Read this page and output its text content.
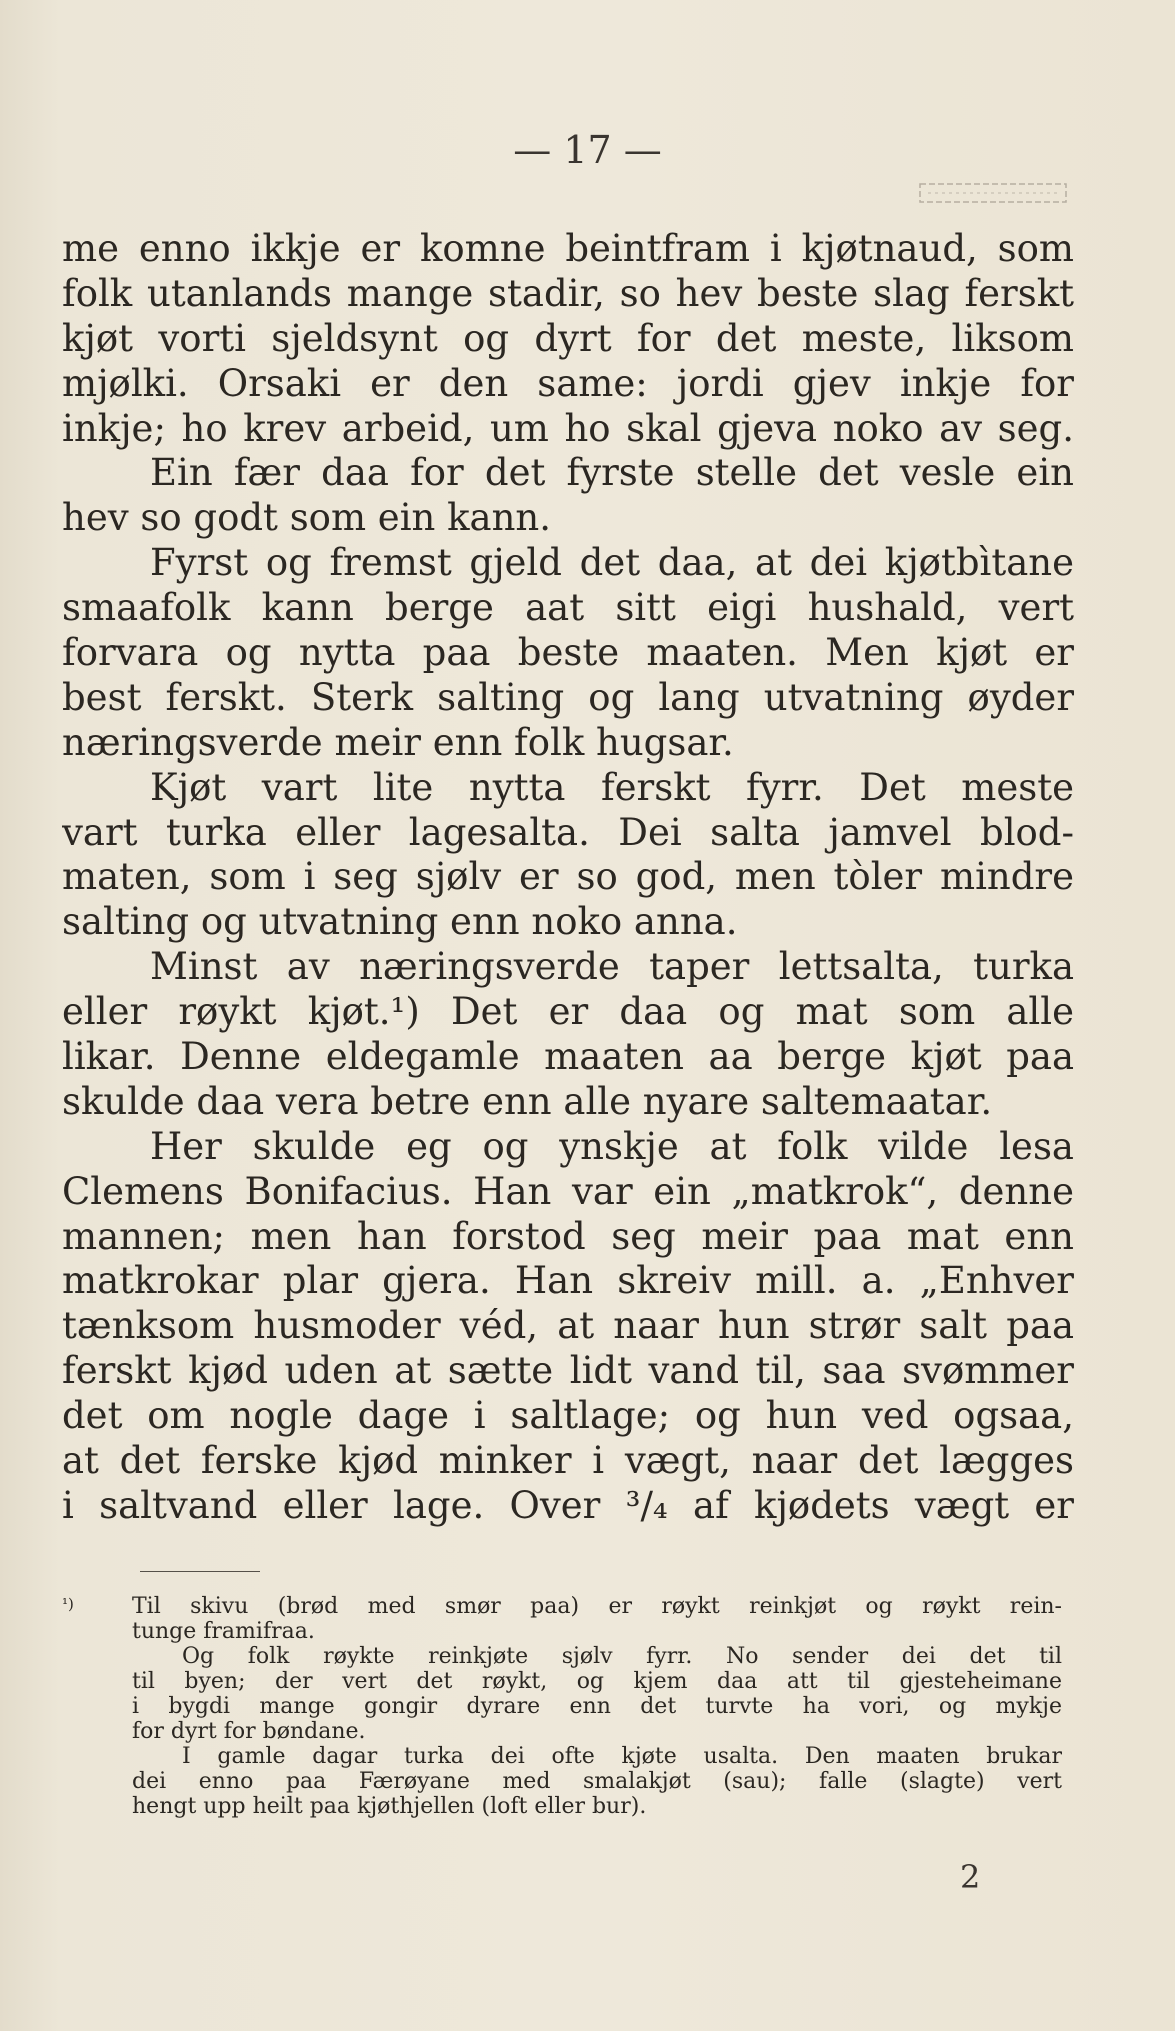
— 17 —
me enno ikkje er komne beintfram i kjøtnaud, som
folk utanlands mange stadir, so hev beste slag ferskt
kjøt vorti sjeldsynt og dyrt for det meste, liksom
mjølki. Orsaki er den same: jordi gjev inkje for
inkje; ho krev arbeid, um ho skal gjeva noko av seg.
Ein fær daa for det fyrste stelle det vesle ein
hev so godt som ein kann.
Fyrst og fremst gjeld det daa, at dei kjøtbìtane
smaafolk kann berge aat sitt eigi hushald, vert
forvara og nytta paa beste maaten. Men kjøt er
best ferskt. Sterk salting og lang utvatning øyder
næringsverde meir enn folk hugsar.
Kjøt vart lite nytta ferskt fyrr. Det meste
vart turka eller lagesalta. Dei salta jamvel blod-
maten, som i seg sjølv er so god, men tòler mindre
salting og utvatning enn noko anna.
Minst av næringsverde taper lettsalta, turka
eller røykt kjøt.¹) Det er daa og mat som alle
likar. Denne eldegamle maaten aa berge kjøt paa
skulde daa vera betre enn alle nyare saltemaatar.
Her skulde eg og ynskje at folk vilde lesa
Clemens Bonifacius. Han var ein „matkrok“, denne
mannen; men han forstod seg meir paa mat enn
matkrokar plar gjera. Han skreiv mill. a. „Enhver
tænksom husmoder véd, at naar hun strør salt paa
ferskt kjød uden at sætte lidt vand til, saa svømmer
det om nogle dage i saltlage; og hun ved ogsaa,
at det ferske kjød minker i vægt, naar det lægges
i saltvand eller lage. Over ³/₄ af kjødets vægt er
¹)	Til skivu (brød med smør paa) er røykt reinkjøt og røykt rein-
tunge framifraa.
Og folk røykte reinkjøte sjølv fyrr. No sender dei det til
til byen; der vert det røykt, og kjem daa att til gjesteheimane
i bygdi mange gongir dyrare enn det turvte ha vori, og mykje
for dyrt for bøndane.
I gamle dagar turka dei ofte kjøte usalta. Den maaten brukar
dei enno paa Færøyane med smalakjøt (sau); falle (slagte) vert
hengt upp heilt paa kjøthjellen (loft eller bur).
2
